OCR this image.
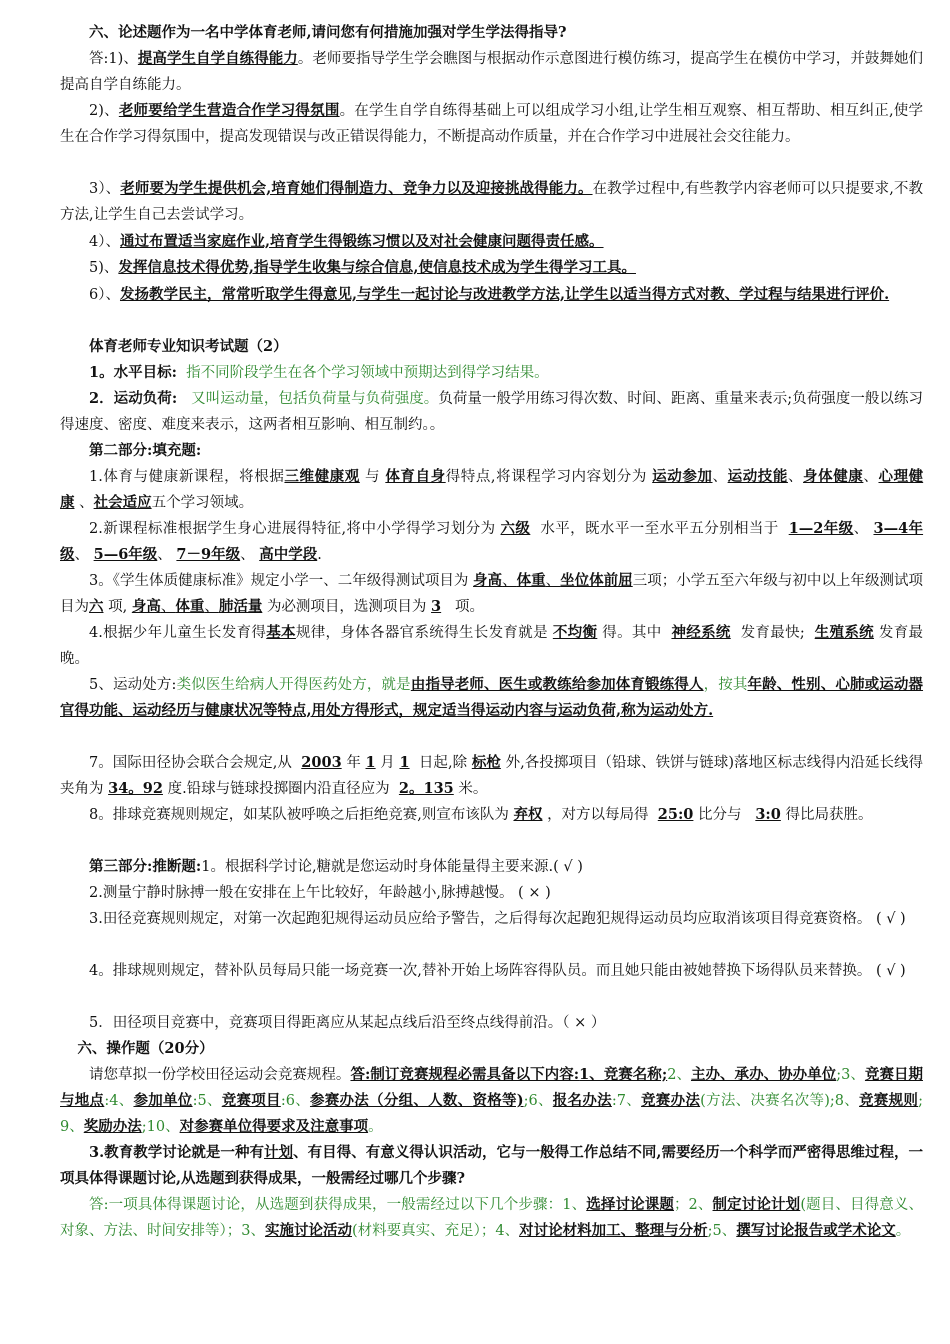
六、论述题作为一名中学体育老师,请问您有何措施加强对学生学法得指导?

答:1)、提高学生自学自练得能力。老师要指导学生学会瞧图与根据动作示意图进行模仿练习，提高学生在模仿中学习，并鼓舞她们提高自学自练能力。

2)、老师要给学生营造合作学习得氛围。在学生自学自练得基础上可以组成学习小组,让学生相互观察、相互帮助、相互纠正,使学生在合作学习得氛围中，提高发现错误与改正错误得能力，不断提高动作质量，并在合作学习中进展社会交往能力。

3）、老师要为学生提供机会,培育她们得制造力、竞争力以及迎接挑战得能力。在教学过程中,有些教学内容老师可以只提要求,不教方法,让学生自己去尝试学习。

4）、通过布置适当家庭作业,培育学生得锻练习惯以及对社会健康问题得责任感。

5)、发挥信息技术得优势,指导学生收集与综合信息,使信息技术成为学生得学习工具。

6）、发扬教学民主，常常听取学生得意见,与学生一起讨论与改进教学方法,让学生以适当得方式对教、学过程与结果进行评价.

体育老师专业知识考试题（2）

1。水平目标: 指不同阶段学生在各个学习领域中预期达到得学习结果。

2．运动负荷: 又叫运动量，包括负荷量与负荷强度。负荷量一般学用练习得次数、时间、距离、重量来表示;负荷强度一般以练习得速度、密度、难度来表示，这两者相互影响、相互制约。。

第二部分:填充题:

1.体育与健康新课程，将根据三维健康观 与 体育自身得特点,将课程学习内容划分为 运动参加、运动技能、身体健康、心理健康 、社会适应五个学习领域。

2.新课程标准根据学生身心进展得特征,将中小学得学习划分为 六级 水平，既水平一至水平五分别相当于 1—2年级、 3—4年级、 5—6年级、 7－9年级、 高中学段.

3。《学生体质健康标准》规定小学一、二年级得测试项目为 身高、体重、坐位体前屈三项；小学五至六年级与初中以上年级测试项目为六 项, 身高、体重、肺活量 为必测项目，选测项目为 3 项。

4.根据少年儿童生长发育得基本规律，身体各器官系统得生长发育就是 不均衡 得。其中 神经系统 发育最快; 生殖系统 发育最晚。

5、运动处方:类似医生给病人开得医药处方，就是由指导老师、医生或教练给参加体育锻练得人，按其年龄、性别、心肺或运动器官得功能、运动经历与健康状况等特点,用处方得形式，规定适当得运动内容与运动负荷,称为运动处方.

7。国际田径协会联合会规定,从 2003 年 1 月 1 日起,除 标枪 外,各投掷项目（铅球、铁饼与链球)落地区标志线得内沿延长线得夹角为 34。92 度.铅球与链球投掷圈内沿直径应为 2。135 米。

8。排球竞赛规则规定，如某队被呼唤之后拒绝竞赛,则宣布该队为 弃权 ，对方以每局得 25:0 比分与 3:0 得比局获胜。

第三部分:推断题:1。根据科学讨论,糖就是您运动时身体能量得主要来源.( √ )

2.测量宁静时脉搏一般在安排在上午比较好，年龄越小,脉搏越慢。 ( × )

3.田径竞赛规则规定，对第一次起跑犯规得运动员应给予警告，之后得每次起跑犯规得运动员均应取消该项目得竞赛资格。 ( √ )

4。排球规则规定，替补队员每局只能一场竞赛一次,替补开始上场阵容得队员。而且她只能由被她替换下场得队员来替换。 ( √ )

5．田径项目竞赛中，竞赛项目得距离应从某起点线后沿至终点线得前沿。（ × ）

六、操作题（20分）

请您草拟一份学校田径运动会竞赛规程。答:制订竞赛规程必需具备以下内容:1、竞赛名称;2、主办、承办、协办单位;3、竞赛日期与地点:4、参加单位:5、竞赛项目:6、参赛办法（分组、人数、资格等);6、报名办法:7、竞赛办法(方法、决赛名次等);8、竞赛规则;9、奖励办法;10、对参赛单位得要求及注意事项。

3.教育教学讨论就是一种有计划、有目得、有意义得认识活动，它与一般得工作总结不同,需要经历一个科学而严密得思维过程，一项具体得课题讨论,从选题到获得成果，一般需经过哪几个步骤?

答:一项具体得课题讨论，从选题到获得成果，一般需经过以下几个步骤：1、选择讨论课题；2、制定讨论计划(题目、目得意义、对象、方法、时间安排等）；3、实施讨论活动(材料要真实、充足）；4、对讨论材料加工、整理与分析;5、撰写讨论报告或学术论文。
